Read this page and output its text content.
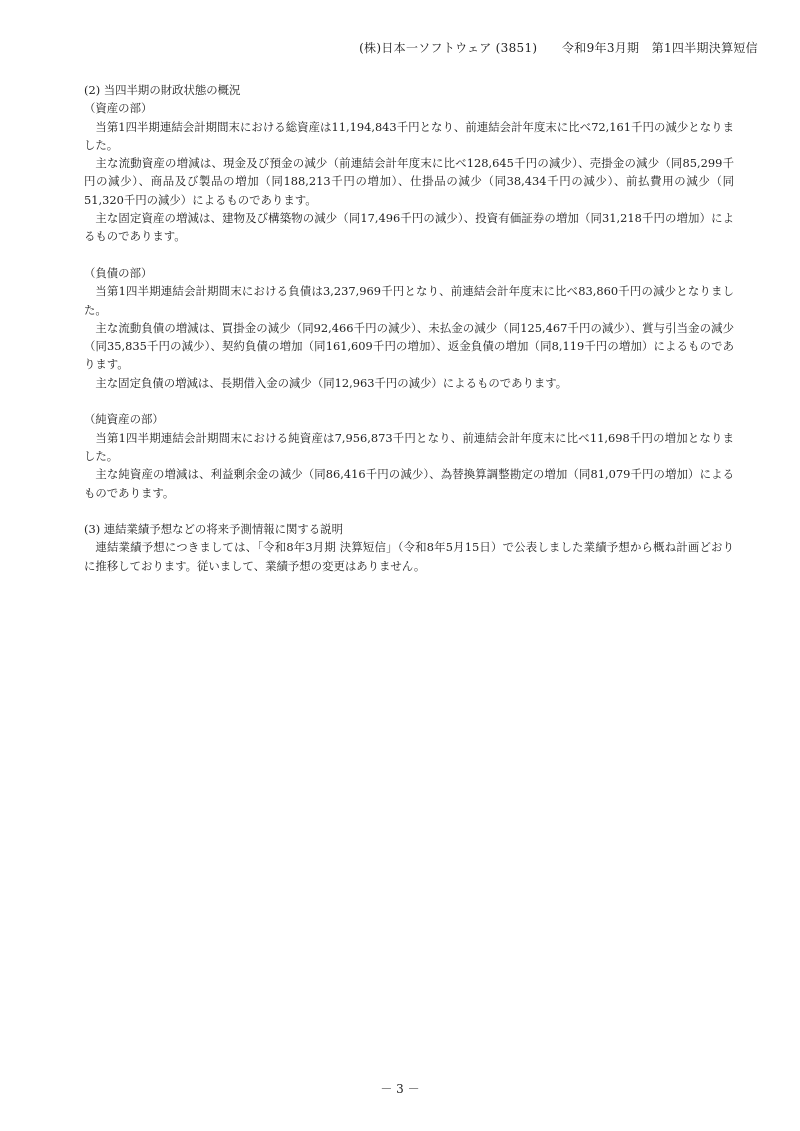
(株)日本一ソフトウェア (3851)　　令和9年3月期　第1四半期決算短信

(2) 当四半期の財政状態の概況

（資産の部）

当第1四半期連結会計期間末における総資産は11,194,843千円となり、前連結会計年度末に比べ72,161千円の減少となりました。

主な流動資産の増減は、現金及び預金の減少（前連結会計年度末に比べ128,645千円の減少）、売掛金の減少（同85,299千円の減少）、商品及び製品の増加（同188,213千円の増加）、仕掛品の減少（同38,434千円の減少）、前払費用の減少（同51,320千円の減少）によるものであります。

主な固定資産の増減は、建物及び構築物の減少（同17,496千円の減少）、投資有価証券の増加（同31,218千円の増加）によるものであります。

（負債の部）

当第1四半期連結会計期間末における負債は3,237,969千円となり、前連結会計年度末に比べ83,860千円の減少となりました。

主な流動負債の増減は、買掛金の減少（同92,466千円の減少）、未払金の減少（同125,467千円の減少）、賞与引当金の減少（同35,835千円の減少）、契約負債の増加（同161,609千円の増加）、返金負債の増加（同8,119千円の増加）によるものであります。

主な固定負債の増減は、長期借入金の減少（同12,963千円の減少）によるものであります。

（純資産の部）

当第1四半期連結会計期間末における純資産は7,956,873千円となり、前連結会計年度末に比べ11,698千円の増加となりました。

主な純資産の増減は、利益剰余金の減少（同86,416千円の減少）、為替換算調整勘定の増加（同81,079千円の増加）によるものであります。

(3) 連結業績予想などの将来予測情報に関する説明

連結業績予想につきましては、「令和8年3月期 決算短信」（令和8年5月15日）で公表しました業績予想から概ね計画どおりに推移しております。従いまして、業績予想の変更はありません。

－ 3 －
